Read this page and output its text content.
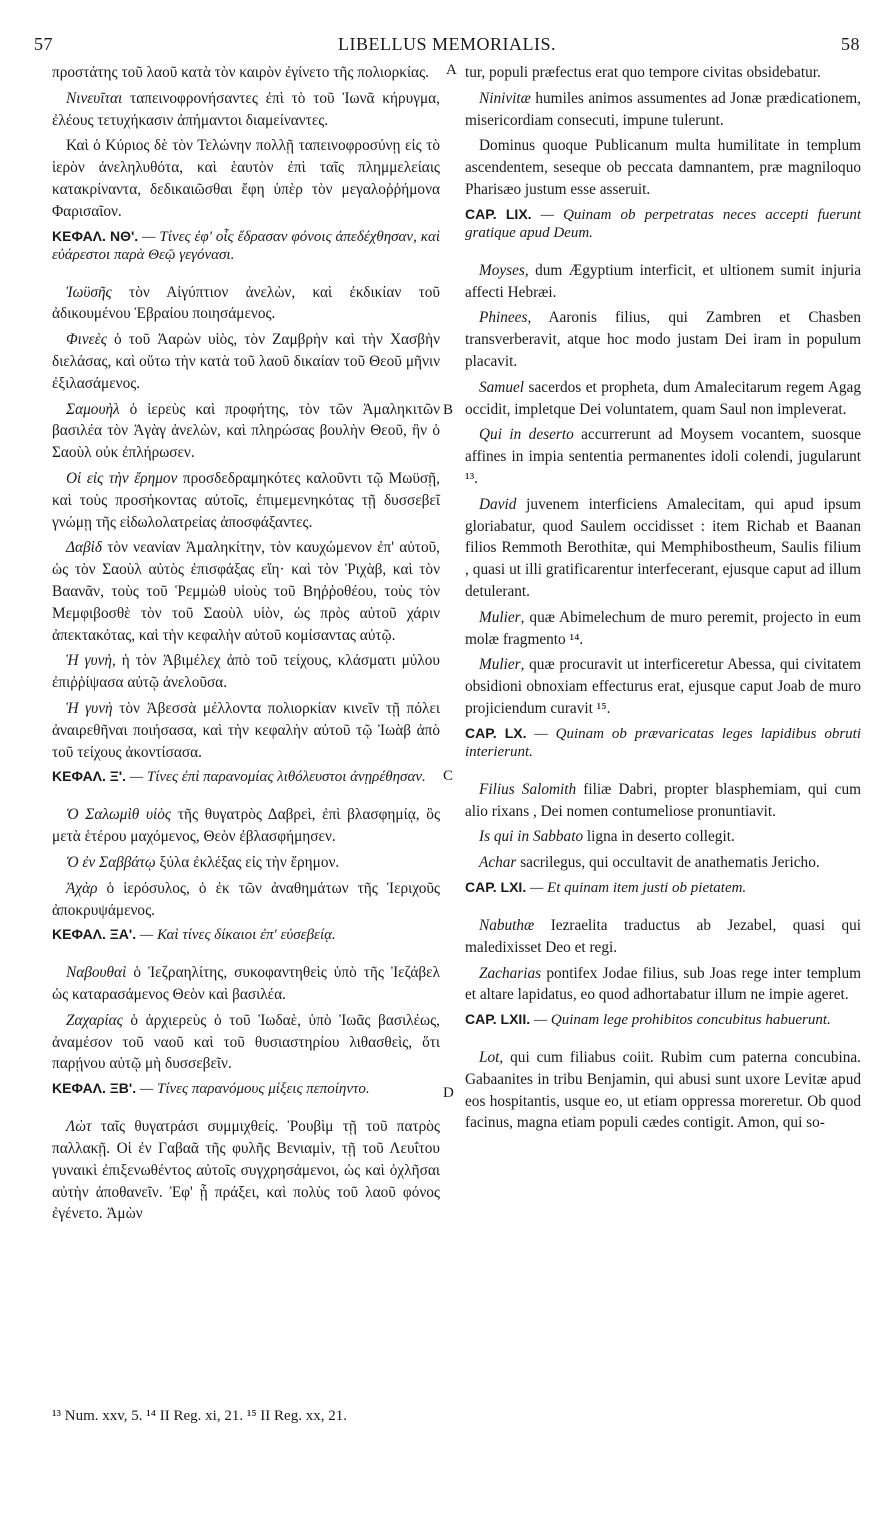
57	LIBELLUS MEMORIALIS.	58

προστάτης τοῦ λαοῦ κατὰ τὸν καιρὸν ἐγίνετο τῆς πολιορκίας.

Νινευῖται ταπεινοφρονήσαντες ἐπὶ τὸ τοῦ Ἰωνᾶ κήρυγμα, ἐλέους τετυχήκασιν ἀπήμαντοι διαμείναντες.

Καὶ ὁ Κύριος δὲ τὸν Τελώνην πολλῇ ταπεινοφροσύνῃ εἰς τὸ ἱερὸν ἀνεληλυθότα, καὶ ἑαυτὸν ἐπὶ ταῖς πλημμελείαις κατακρίναντα, δεδικαιῶσθαι ἔφη ὑπὲρ τὸν μεγαλοῤῥήμονα Φαρισαῖον.

ΚΕΦΑΛ. ΝΘ'. — Τίνες ἐφ' οἷς ἔδρασαν φόνοις ἀπεδέχθησαν, καὶ εὐάρεστοι παρὰ Θεῷ γεγόνασι.

Ἰωϋσῆς τὸν Αἰγύπτιον ἀνελὼν, καὶ ἐκδικίαν τοῦ ἀδικουμένου Ἑβραίου ποιησάμενος.

Φινεὲς ὁ τοῦ Ἀαρὼν υἱὸς, τὸν Ζαμβρὴν καὶ τὴν Χασβὴν διελάσας, καὶ οὕτω τὴν κατὰ τοῦ λαοῦ δικαίαν τοῦ Θεοῦ μῆνιν ἐξιλασάμενος.

Σαμουὴλ ὁ ἱερεὺς καὶ προφήτης, τὸν τῶν Ἀμαληκιτῶν βασιλέα τὸν Ἀγὰγ ἀνελὼν, καὶ πληρώσας βουλὴν Θεοῦ, ἣν ὁ Σαοὺλ οὐκ ἐπλήρωσεν.

Οἱ εἰς τὴν ἔρημον προσδεδραμηκότες καλοῦντι τῷ Μωϋσῇ, καὶ τοὺς προσήκοντας αὐτοῖς, ἐπιμεμενηκότας τῇ δυσσεβεῖ γνώμῃ τῆς εἰδωλολατρείας ἀποσφάξαντες.

Δαβὶδ τὸν νεανίαν Ἀμαληκίτην, τὸν καυχώμενον ἐπ' αὐτοῦ, ὡς τὸν Σαοὺλ αὐτὸς ἐπισφάξας εἴη· καὶ τὸν Ῥιχὰβ, καὶ τὸν Βαανᾶν, τοὺς τοῦ Ῥεμμὼθ υἱοὺς τοῦ Βηῤῥοθέου, τοὺς τὸν Μεμφιβοσθὲ τὸν τοῦ Σαοὺλ υἱὸν, ὡς πρὸς αὐτοῦ χάριν ἀπεκτακότας, καὶ τὴν κεφαλὴν αὐτοῦ κομίσαντας αὐτῷ.

Ἡ γυνὴ, ἡ τὸν Ἀβιμέλεχ ἀπὸ τοῦ τείχους, κλάσματι μύλου ἐπιῤῥίψασα αὐτῷ ἀνελοῦσα.

Ἡ γυνὴ τὸν Ἀβεσσὰ μέλλοντα πολιορκίαν κινεῖν τῇ πόλει ἀναιρεθῆναι ποιήσασα, καὶ τὴν κεφαλὴν αὐτοῦ τῷ Ἰωὰβ ἀπὸ τοῦ τείχους ἀκοντίσασα.

ΚΕΦΑΛ. Ξ'. — Τίνες ἐπὶ παρανομίας λιθόλευστοι ἀνῃρέθησαν.

Ὁ Σαλωμὶθ υἱὸς τῆς θυγατρὸς Δαβρεὶ, ἐπὶ βλασφημίᾳ, ὃς μετὰ ἑτέρου μαχόμενος, Θεὸν ἐβλασφήμησεν.

Ὁ ἐν Σαββάτῳ ξύλα ἐκλέξας εἰς τὴν ἔρημον.

Ἀχὰρ ὁ ἱερόσυλος, ὁ ἐκ τῶν ἀναθημάτων τῆς Ἱεριχοῦς ἀποκρυψάμενος.

ΚΕΦΑΛ. ΞΑ'. — Καὶ τίνες δίκαιοι ἐπ' εὐσεβείᾳ.

Ναβουθαὶ ὁ Ἰεζραηλίτης, συκοφαντηθεὶς ὑπὸ τῆς Ἰεζάβελ ὡς καταρασάμενος Θεὸν καὶ βασιλέα.

Ζαχαρίας ὁ ἀρχιερεὺς ὁ τοῦ Ἰωδαὲ, ὑπὸ Ἰωᾶς βασιλέως, ἀναμέσον τοῦ ναοῦ καὶ τοῦ θυσιαστηρίου λιθασθεὶς, ὅτι παρῄνου αὐτῷ μὴ δυσσεβεῖν.

ΚΕΦΑΛ. ΞΒ'. — Τίνες παρανόμους μίξεις πεποίηντο.

Λὼτ ταῖς θυγατράσι συμμιχθείς. Ῥουβὶμ τῇ τοῦ πατρὸς παλλακῇ. Οἱ ἐν Γαβαᾶ τῆς φυλῆς Βενιαμὶν, τῇ τοῦ Λευΐτου γυναικὶ ἐπιξενωθέντος αὐτοῖς συγχρησάμενοι, ὡς καὶ ὀχλῆσαι αὐτὴν ἀποθανεῖν. Ἐφ' ᾗ πράξει, καὶ πολὺς τοῦ λαοῦ φόνος ἐγένετο. Ἀμὼν

tur, populi præfectus erat quo tempore civitas obsidebatur.

Ninivitæ humiles animos assumentes ad Jonæ prædicationem, misericordiam consecuti, impune tulerunt.

Dominus quoque Publicanum multa humilitate in templum ascendentem, seseque ob peccata damnantem, præ magniloquo Pharisæo justum esse asseruit.

CAP. LIX. — Quinam ob perpetratas neces accepti fuerunt gratique apud Deum.

Moyses, dum Ægyptium interficit, et ultionem sumit injuria affecti Hebræi.

Phinees, Aaronis filius, qui Zambren et Chasben transverberavit, atque hoc modo justam Dei iram in populum placavit.

Samuel sacerdos et propheta, dum Amalecitarum regem Agag occidit, impletque Dei voluntatem, quam Saul non impleverat.

Qui in deserto accurrerunt ad Moysem vocantem, suosque affines in impia sententia permanentes idoli colendi, jugularunt ¹³.

David juvenem interficiens Amalecitam, qui apud ipsum gloriabatur, quod Saulem occidisset : item Richab et Baanan filios Remmoth Berothitæ, qui Memphibostheum, Saulis filium , quasi ut illi gratificarentur interfecerant, ejusque caput ad illum detulerant.

Mulier, quæ Abimelechum de muro peremit, projecto in eum molæ fragmento ¹⁴.

Mulier, quæ procuravit ut interficeretur Abessa, qui civitatem obsidioni obnoxiam effecturus erat, ejusque caput Joab de muro projiciendum curavit ¹⁵.

CAP. LX. — Quinam ob prævaricatas leges lapidibus obruti interierunt.

Filius Salomith filiæ Dabri, propter blasphemiam, qui cum alio rixans , Dei nomen contumeliose pronuntiavit.

Is qui in Sabbato ligna in deserto collegit.

Achar sacrilegus, qui occultavit de anathematis Jericho.

CAP. LXI. — Et quinam item justi ob pietatem.

Nabuthæ Iezraelita traductus ab Jezabel, quasi qui maledixisset Deo et regi.

Zacharias pontifex Jodae filius, sub Joas rege inter templum et altare lapidatus, eo quod adhortabatur illum ne impie ageret.

CAP. LXII. — Quinam lege prohibitos concubitus habuerunt.

Lot, qui cum filiabus coiit. Rubim cum paterna concubina. Gabaanites in tribu Benjamin, qui abusi sunt uxore Levitæ apud eos hospitantis, usque eo, ut etiam oppressa moreretur. Ob quod facinus, magna etiam populi cædes contigit. Amon, qui so-

A
B
C
D
¹³ Num. xxv, 5. ¹⁴ II Reg. xi, 21. ¹⁵ II Reg. xx, 21.
